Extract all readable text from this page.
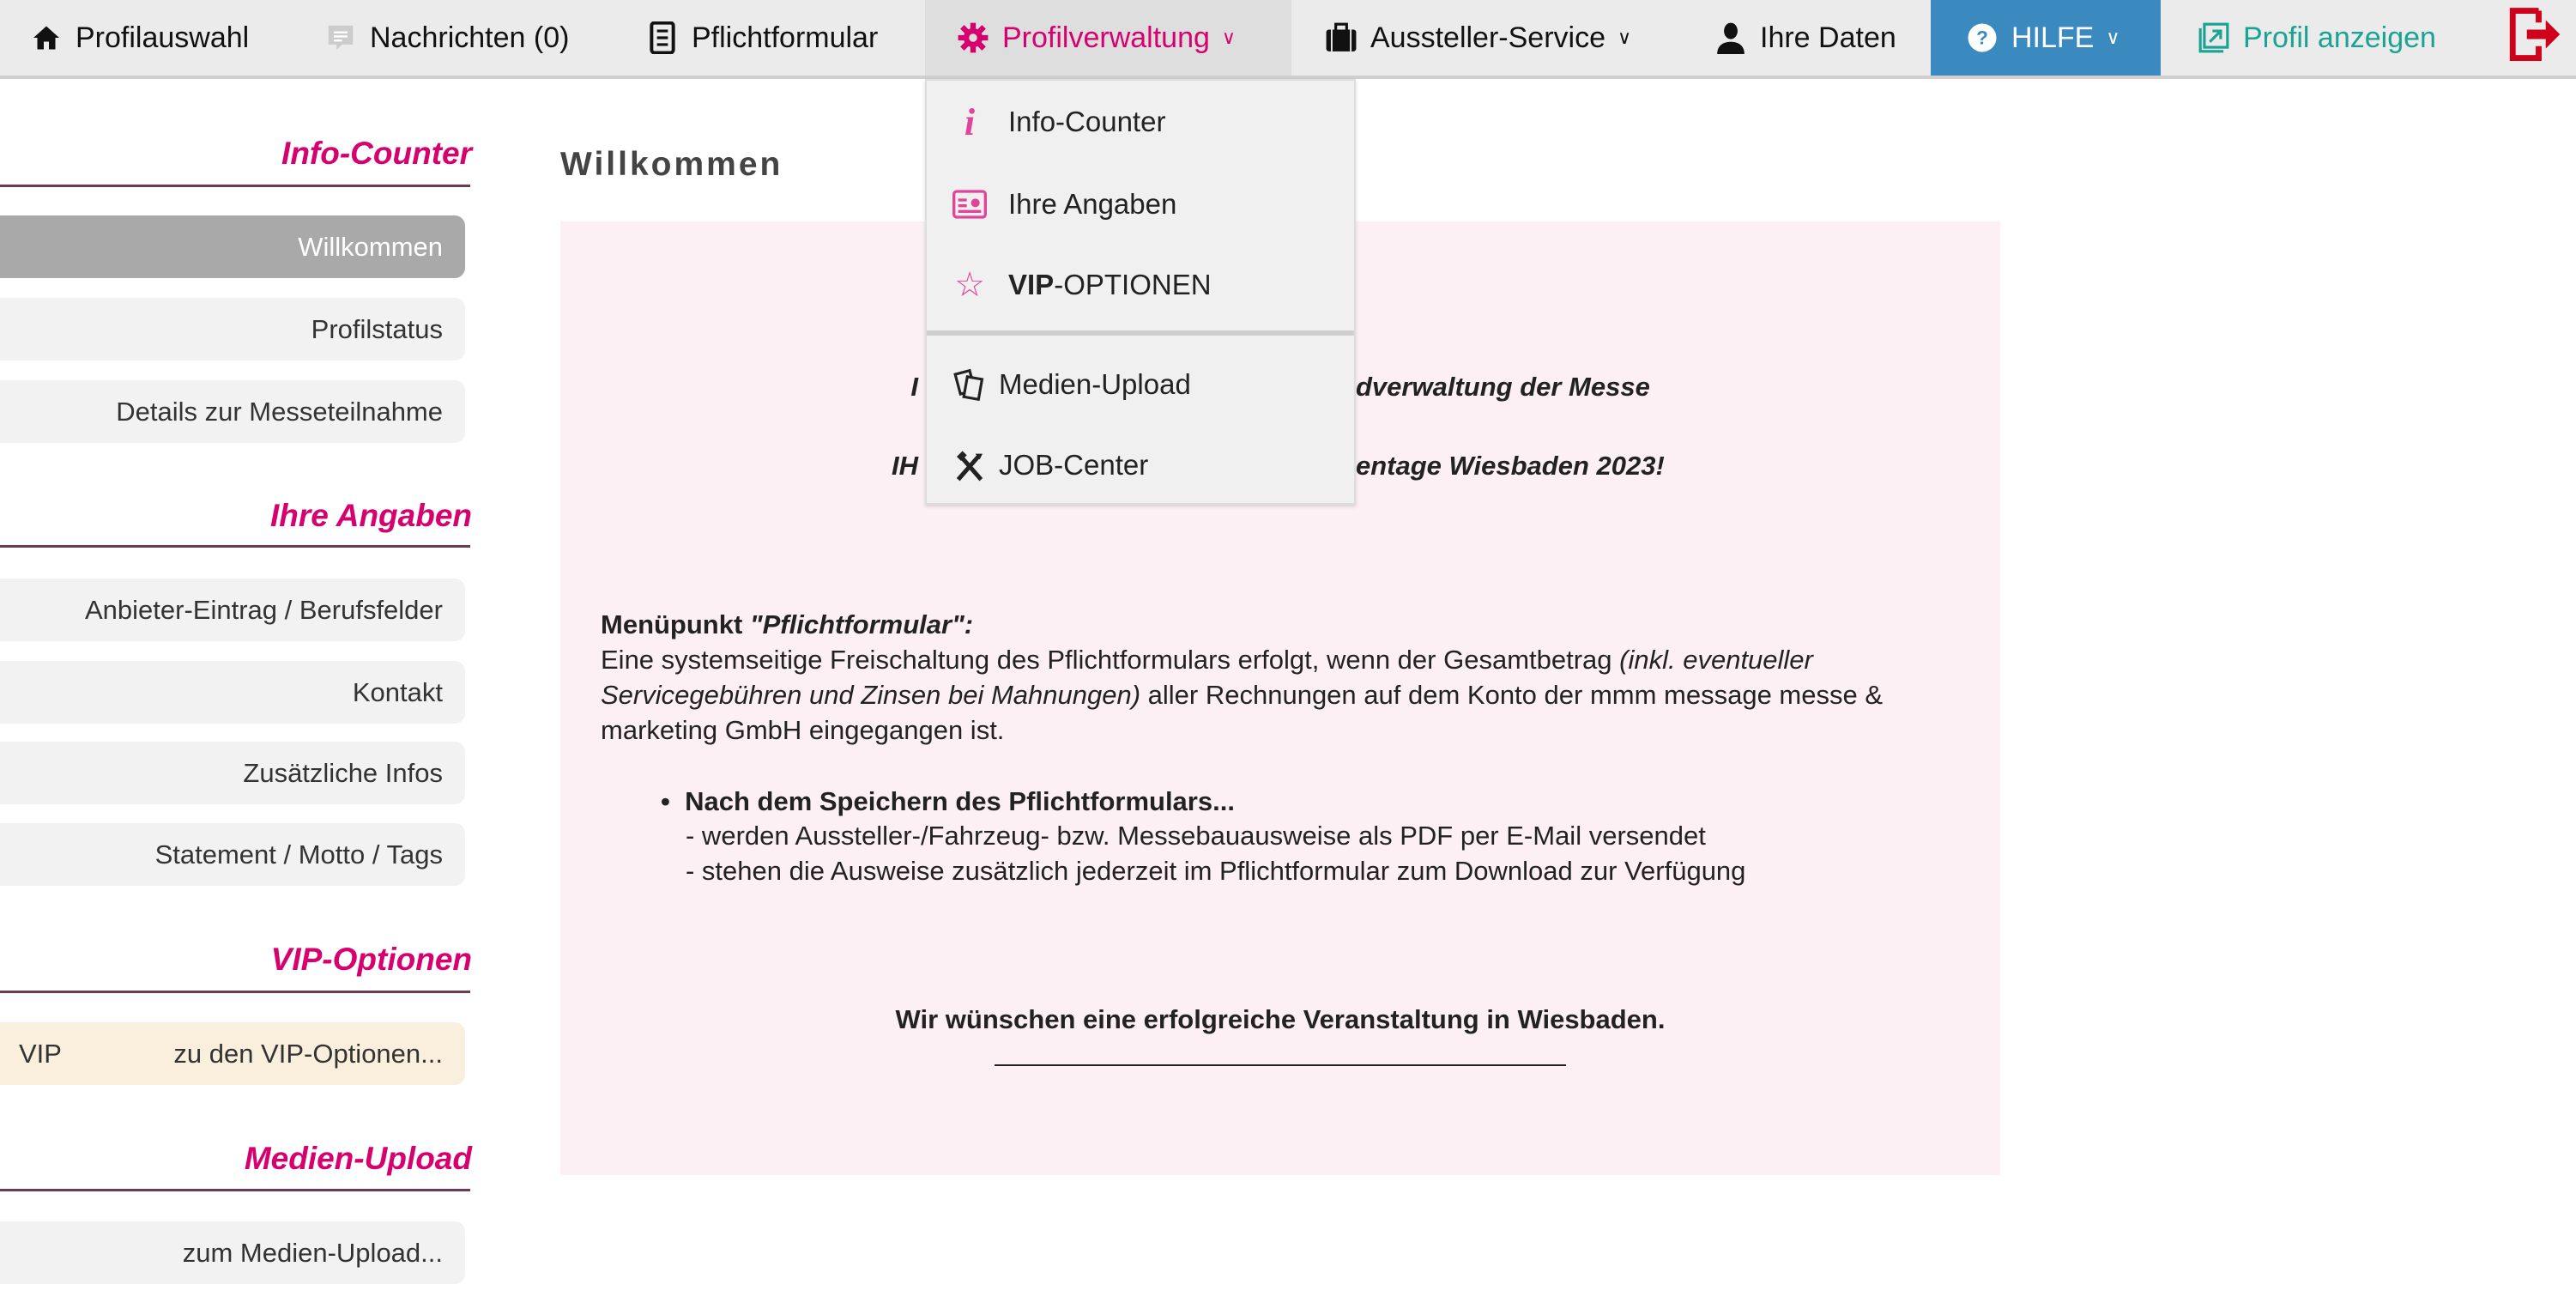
Profilauswahl	Nachrichten (0)	Pflichtformular	Profilverwaltung ∨	Aussteller-Service ∨	Ihre Daten	? HILFE ∨	Profil anzeigen
i	Info-Counter
Ihre Angaben
☆ VIP-OPTIONEN
Medien-Upload
JOB-Center
Info-Counter
Willkommen
Profilstatus
Details zur Messeteilnahme
Ihre Angaben
Anbieter-Eintrag / Berufsfelder
Kontakt
Zusätzliche Infos
Statement / Motto / Tags
VIP-Optionen
VIP	zu den VIP-Optionen...
Medien-Upload
zum Medien-Upload...
Willkommen
I	dverwaltung der Messe
IH	entage Wiesbaden 2023!
Menüpunkt "Pflichtformular":
Eine systemseitige Freischaltung des Pflichtformulars erfolgt, wenn der Gesamtbetrag (inkl. eventueller
Servicegebühren und Zinsen bei Mahnungen) aller Rechnungen auf dem Konto der mmm message messe &
marketing GmbH eingegangen ist.
•  Nach dem Speichern des Pflichtformulars...
- werden Aussteller-/Fahrzeug- bzw. Messebauausweise als PDF per E-Mail versendet
- stehen die Ausweise zusätzlich jederzeit im Pflichtformular zum Download zur Verfügung
Wir wünschen eine erfolgreiche Veranstaltung in Wiesbaden.
